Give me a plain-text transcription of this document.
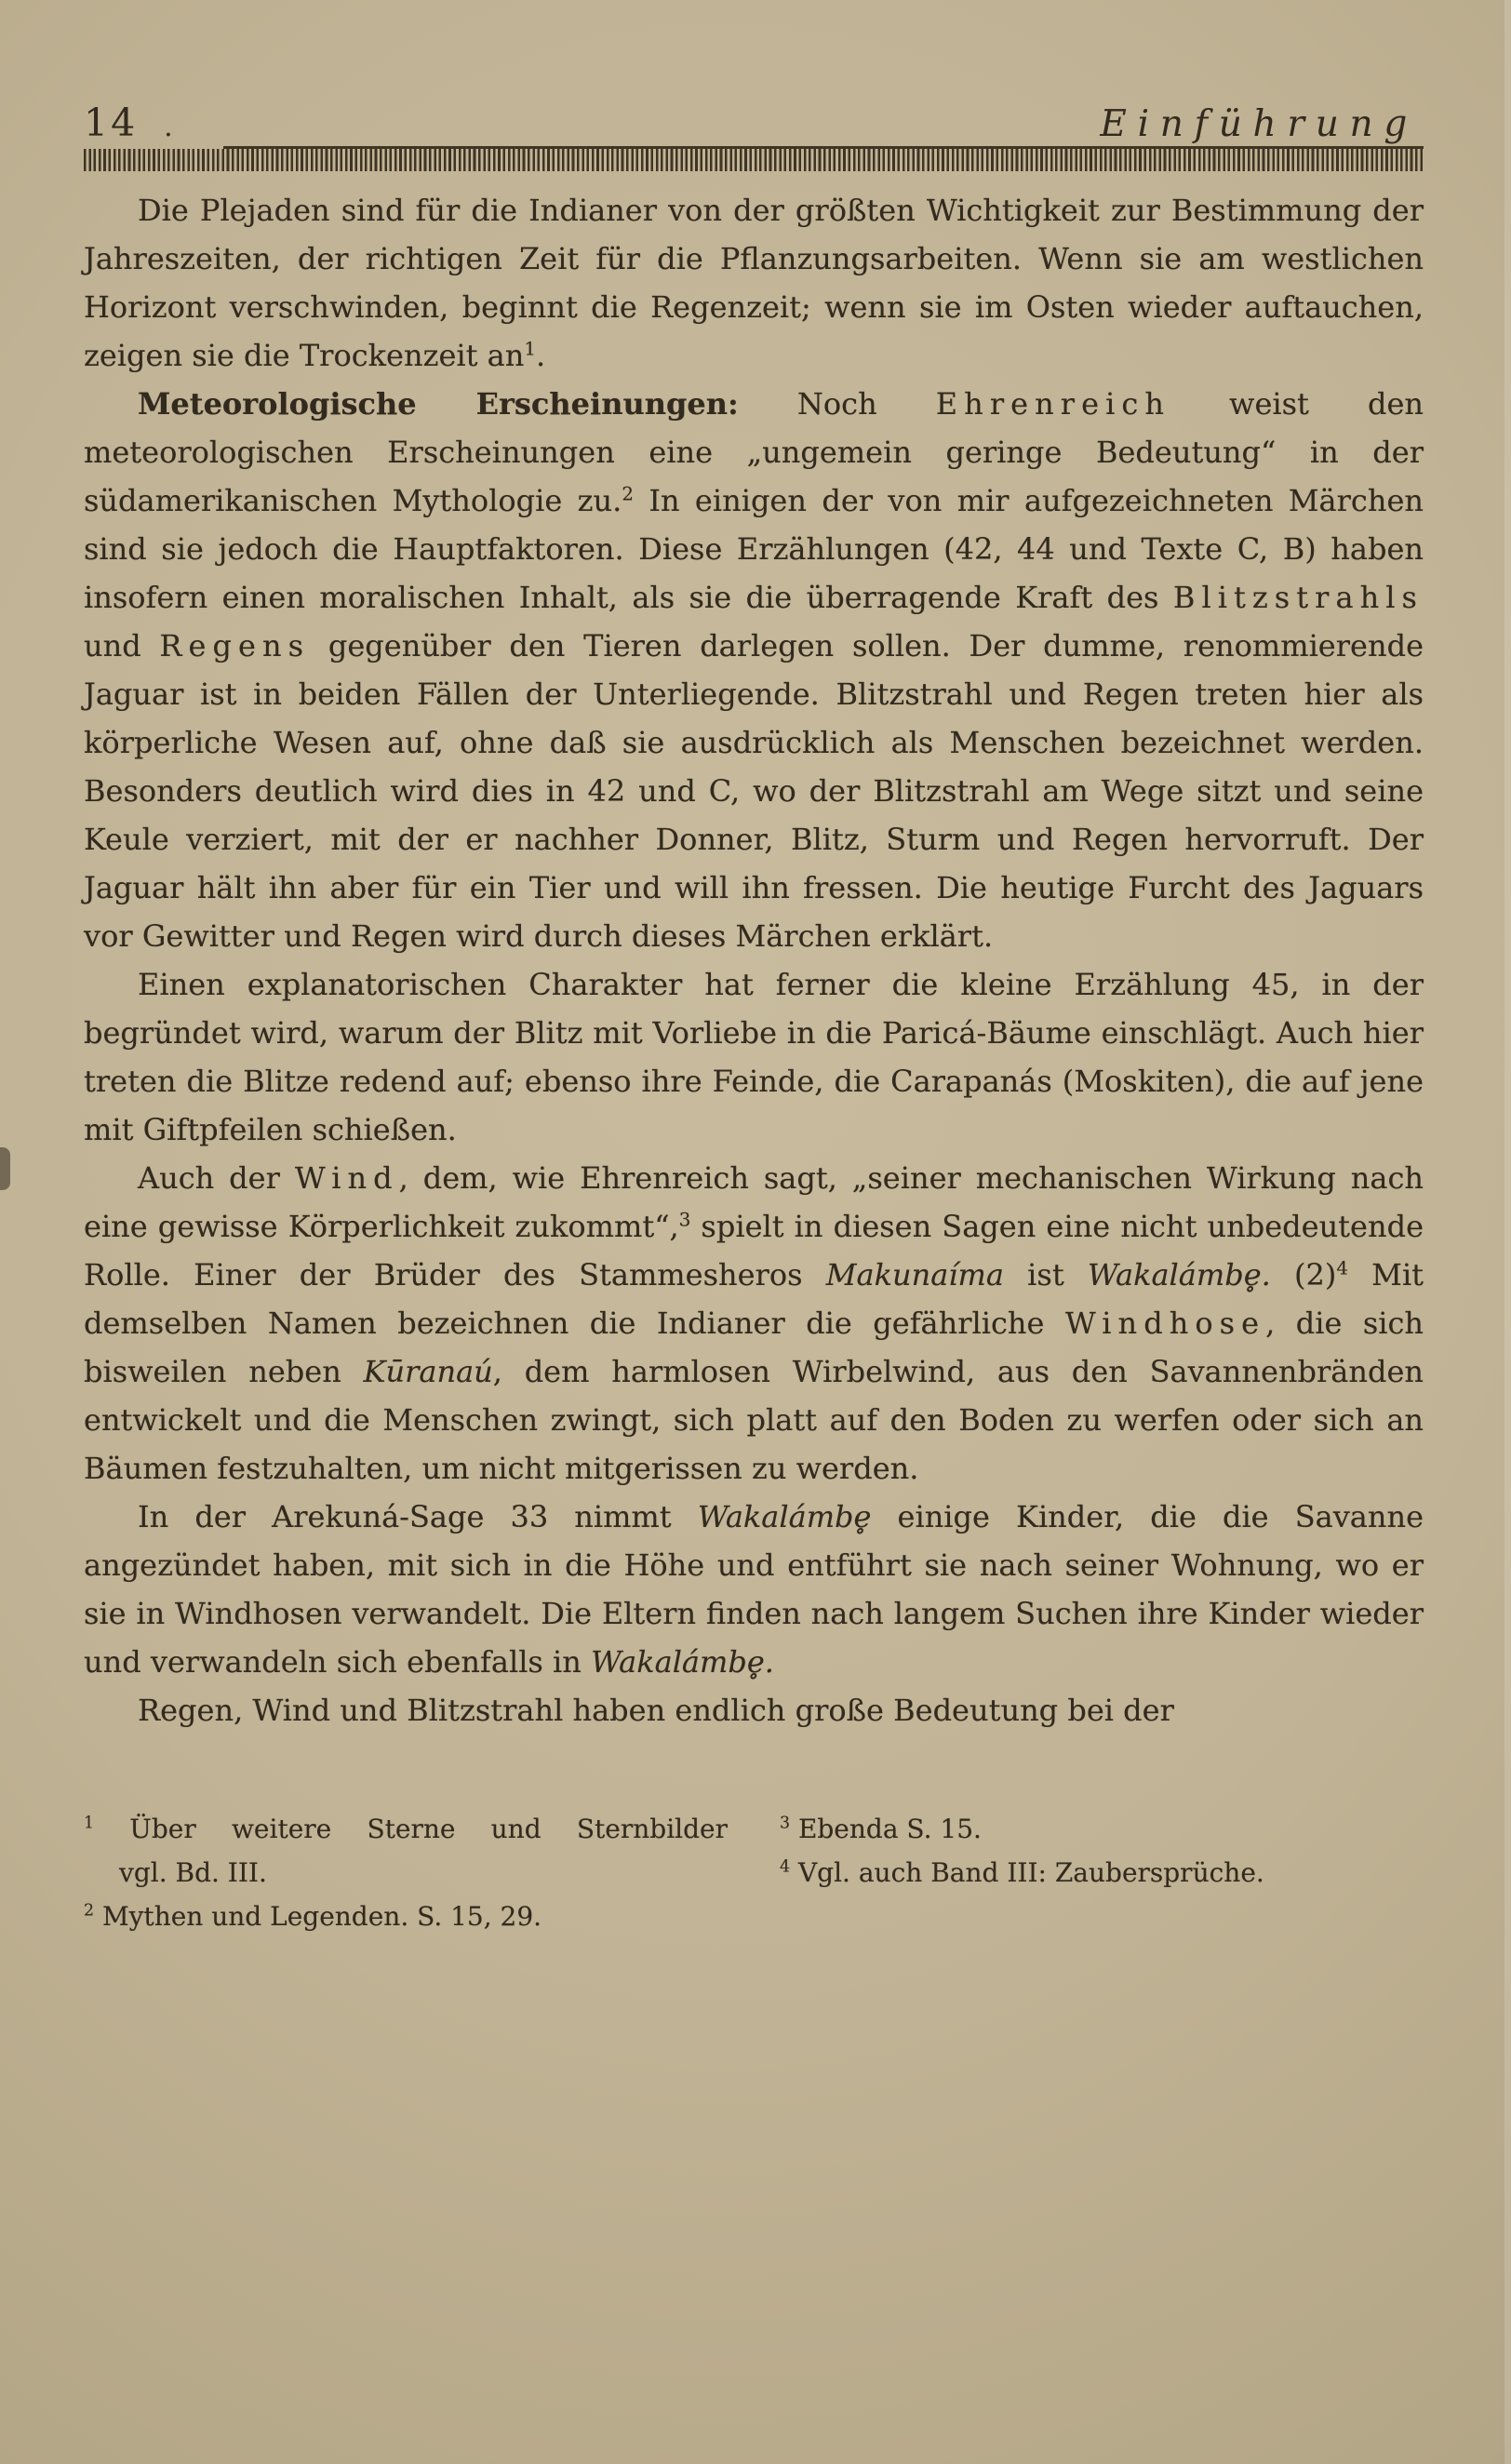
14 .	Einführung

Die Plejaden sind für die Indianer von der größten Wichtigkeit zur Bestimmung der Jahreszeiten, der richtigen Zeit für die Pflanzungsarbeiten. Wenn sie am westlichen Horizont verschwinden, beginnt die Regenzeit; wenn sie im Osten wieder auftauchen, zeigen sie die Trockenzeit $an^1$.

Meteorologische Erscheinungen: Noch Ehrenreich weist den meteorologischen Erscheinungen eine „ungemein geringe Bedeutung“ in der südamerikanischen Mythologie zu.$^2$ In einigen der von mir aufgezeichneten Märchen sind sie jedoch die Hauptfaktoren. Diese Erzählungen (42, 44 und Texte C, B) haben insofern einen moralischen Inhalt, als sie die überragende Kraft des Blitzstrahls und Regens gegenüber den Tieren darlegen sollen. Der dumme, renommierende Jaguar ist in beiden Fällen der Unterliegende. Blitzstrahl und Regen treten hier als körperliche Wesen auf, ohne daß sie ausdrücklich als Menschen bezeichnet werden. Besonders deutlich wird dies in 42 und C, wo der Blitzstrahl am Wege sitzt und seine Keule verziert, mit der er nachher Donner, Blitz, Sturm und Regen hervorruft. Der Jaguar hält ihn aber für ein Tier und will ihn fressen. Die heutige Furcht des Jaguars vor Gewitter und Regen wird durch dieses Märchen erklärt.

Einen explanatorischen Charakter hat ferner die kleine Erzählung 45, in der begründet wird, warum der Blitz mit Vorliebe in die Paricá-Bäume einschlägt. Auch hier treten die Blitze redend auf; ebenso ihre Feinde, die Carapanás (Moskiten), die auf jene mit Giftpfeilen schießen.

Auch der Wind, dem, wie Ehrenreich sagt, „seiner mechanischen Wirkung nach eine gewisse Körperlichkeit zukommt“,$^3$ spielt in diesen Sagen eine nicht unbedeutende Rolle. Einer der Brüder des Stammesheros Makunaíma ist Wakalámbe̥. $(2)^4$ Mit demselben Namen bezeichnen die Indianer die gefährliche Windhose, die sich bisweilen neben Kūranaú, dem harmlosen Wirbelwind, aus den Savannenbränden entwickelt und die Menschen zwingt, sich platt auf den Boden zu werfen oder sich an Bäumen festzuhalten, um nicht mitgerissen zu werden.

In der Arekuná-Sage 33 nimmt Wakalámbe̥ einige Kinder, die die Savanne angezündet haben, mit sich in die Höhe und entführt sie nach seiner Wohnung, wo er sie in Windhosen verwandelt. Die Eltern finden nach langem Suchen ihre Kinder wieder und verwandeln sich ebenfalls in Wakalámbe̥.

Regen, Wind und Blitzstrahl haben endlich große Bedeutung bei der

$^1$ Über weitere Sterne und Sternbilder
vgl. Bd. III.
$^2$ Mythen und Legenden. S. 15, 29.
$^3$ Ebenda S. 15.
$^4$ Vgl. auch Band III: Zaubersprüche.
